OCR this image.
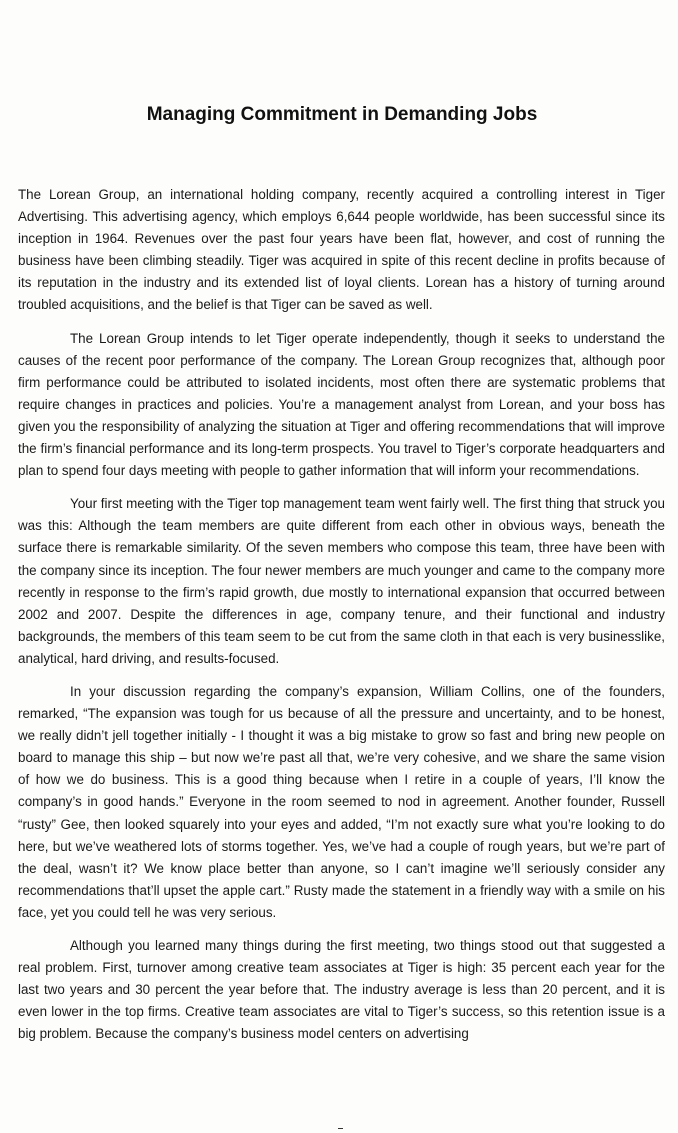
Managing Commitment in Demanding Jobs

The Lorean Group, an international holding company, recently acquired a controlling interest in Tiger Advertising. This advertising agency, which employs 6,644 people worldwide, has been successful since its inception in 1964. Revenues over the past four years have been flat, however, and cost of running the business have been climbing steadily. Tiger was acquired in spite of this recent decline in profits because of its reputation in the industry and its extended list of loyal clients. Lorean has a history of turning around troubled acquisitions, and the belief is that Tiger can be saved as well.

The Lorean Group intends to let Tiger operate independently, though it seeks to understand the causes of the recent poor performance of the company. The Lorean Group recognizes that, although poor firm performance could be attributed to isolated incidents, most often there are systematic problems that require changes in practices and policies. You’re a management analyst from Lorean, and your boss has given you the responsibility of analyzing the situation at Tiger and offering recommendations that will improve the firm’s financial performance and its long-term prospects. You travel to Tiger’s corporate headquarters and plan to spend four days meeting with people to gather information that will inform your recommendations.

Your first meeting with the Tiger top management team went fairly well. The first thing that struck you was this: Although the team members are quite different from each other in obvious ways, beneath the surface there is remarkable similarity. Of the seven members who compose this team, three have been with the company since its inception. The four newer members are much younger and came to the company more recently in response to the firm’s rapid growth, due mostly to international expansion that occurred between 2002 and 2007. Despite the differences in age, company tenure, and their functional and industry backgrounds, the members of this team seem to be cut from the same cloth in that each is very businesslike, analytical, hard driving, and results-focused.

In your discussion regarding the company’s expansion, William Collins, one of the founders, remarked, “The expansion was tough for us because of all the pressure and uncertainty, and to be honest, we really didn’t jell together initially - I thought it was a big mistake to grow so fast and bring new people on board to manage this ship – but now we’re past all that, we’re very cohesive, and we share the same vision of how we do business. This is a good thing because when I retire in a couple of years, I’ll know the company’s in good hands.” Everyone in the room seemed to nod in agreement. Another founder, Russell “rusty” Gee, then looked squarely into your eyes and added, “I’m not exactly sure what you’re looking to do here, but we’ve weathered lots of storms together. Yes, we’ve had a couple of rough years, but we’re part of the deal, wasn’t it? We know place better than anyone, so I can’t imagine we’ll seriously consider any recommendations that’ll upset the apple cart.” Rusty made the statement in a friendly way with a smile on his face, yet you could tell he was very serious.

Although you learned many things during the first meeting, two things stood out that suggested a real problem. First, turnover among creative team associates at Tiger is high: 35 percent each year for the last two years and 30 percent the year before that. The industry average is less than 20 percent, and it is even lower in the top firms. Creative team associates are vital to Tiger’s success, so this retention issue is a big problem. Because the company’s business model centers on advertising
